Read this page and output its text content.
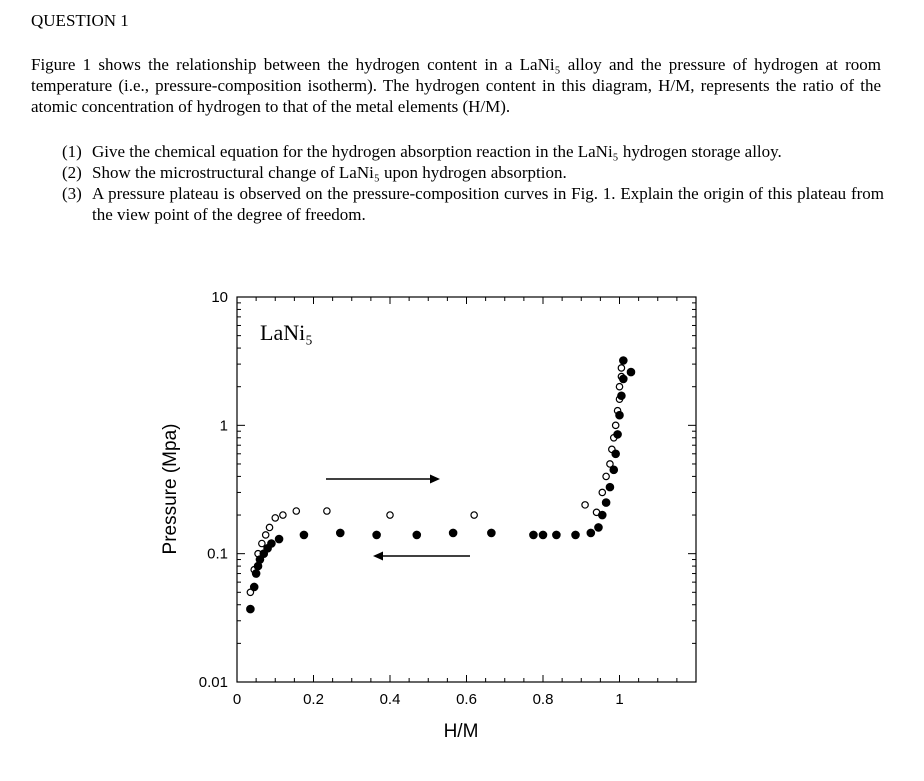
QUESTION 1
Figure 1 shows the relationship between the hydrogen content in a LaNi₅ alloy and the pressure of hydrogen at room temperature (i.e., pressure-composition isotherm). The hydrogen content in this diagram, H/M, represents the ratio of the atomic concentration of hydrogen to that of the metal elements (H/M).
(1) Give the chemical equation for the hydrogen absorption reaction in the LaNi₅ hydrogen storage alloy.
(2) Show the microstructural change of LaNi₅ upon hydrogen absorption.
(3) A pressure plateau is observed on the pressure-composition curves in Fig. 1. Explain the origin of this plateau from the view point of the degree of freedom.
0	0.2	0.4	0.6	0.8	1
0.01
0.1
1
10
LaNi₅
H/M
Pressure (Mpa)
